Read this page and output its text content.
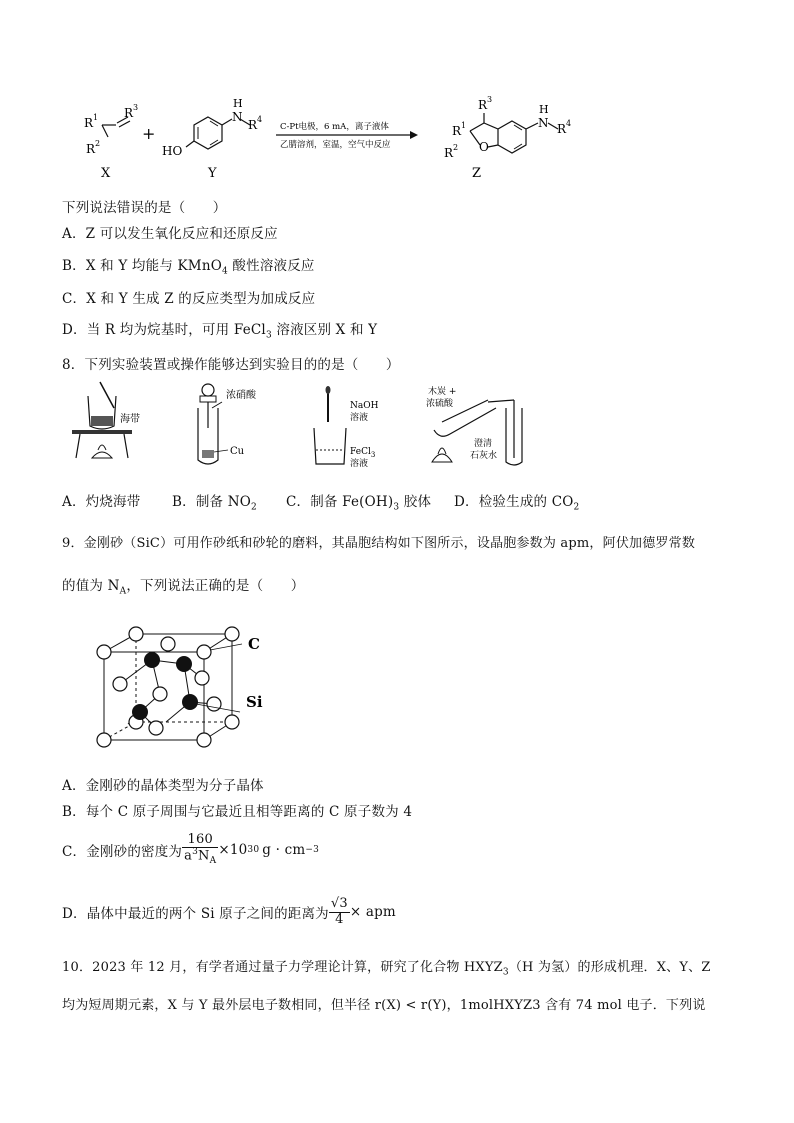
R 1
R 2
R 3
X
+
HO
N
H
R 4
Y
C-Pt电极，6 mA，离子液体
乙腈溶剂，室温，空气中反应	O
R 3
R 1
R 2
N
H
R 4
Z
下列说法错误的是（　　）
A．Z 可以发生氧化反应和还原反应
B．X 和 Y 均能与 KMnO$_4$ 酸性溶液反应
C．X 和 Y 生成 Z 的反应类型为加成反应
D．当 R 均为烷基时，可用 FeCl$_3$ 溶液区别 X 和 Y
8．下列实验装置或操作能够达到实验目的的是（　　）
海带
浓硝酸
Cu
NaOH
溶液
FeCl$_3$
溶液
木炭 +
浓硫酸
澄清
石灰水
A．灼烧海带 B．制备 $NO_2$ C．制备 $Fe(OH)_3$ 胶体 D．检验生成的 $CO_2$
9．金刚砂（SiC）可用作砂纸和砂轮的磨料，其晶胞结构如下图所示，设晶胞参数为 apm，阿伏加德罗常数
的值为 $N_A$，下列说法正确的是（　　）
C
Si
A．金刚砂的晶体类型为分子晶体
B．每个 C 原子周围与它最近且相等距离的 C 原子数为 4
C．金刚砂的密度为 $\frac{160}{a^3N_A} \times 10$ 30 g · cm −3
D．晶体中最近的两个 Si 原子之间的距离为 $\frac{√3}{4}$ × apm
10．2023 年 12 月，有学者通过量子力学理论计算，研究了化合物 $HXYZ_3(H$ 为氢）的形成机理．X、Y、Z
均为短周期元素，X 与 Y 最外层电子数相同，但半径 r(X) < r(Y)，1molHXYZ3 含有 74 mol 电子．下列说
